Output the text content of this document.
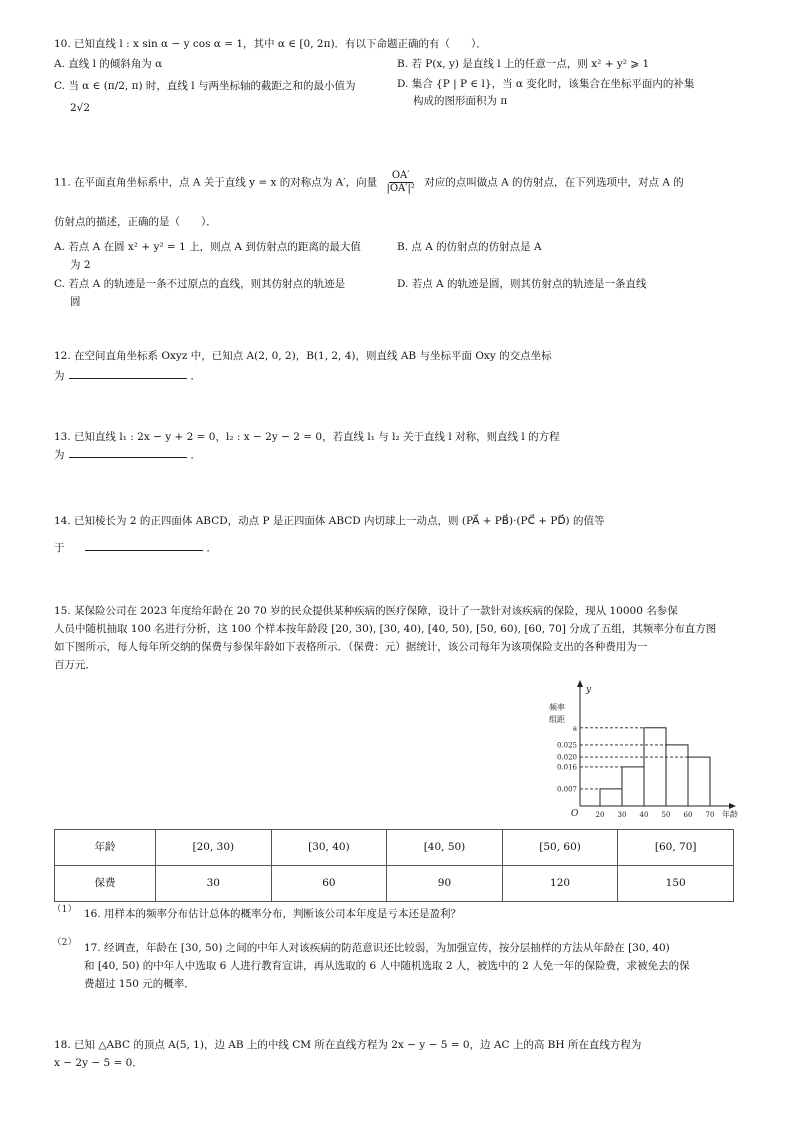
10. 已知直线 l : x sin α − y cos α = 1，其中 α ∈ [0, 2π)．有以下命题正确的有（　　）．
A. 直线 l 的倾斜角为 α	B. 若 P(x, y) 是直线 l 上的任意一点，则 x² + y² ⩾ 1
C. 当 α ∈ (π/2, π) 时，直线 l 与两坐标轴的截距之和的最小值为
2√2
D. 集合 {P | P ∈ l}，当 α 变化时，该集合在坐标平面内的补集
构成的图形面积为 π
11. 在平面直角坐标系中，点 A 关于直线 y = x 的对称点为 A′，向量 $\frac{OA'}{\text{|OA′|²}}$ 对应的点叫做点 A 的仿射点，在下列选项中，对点 A 的
仿射点的描述，正确的是（　　）．
A. 若点 A 在圆 x² + y² = 1 上，则点 A 到仿射点的距离的最大值
为 2
B. 点 A 的仿射点的仿射点是 A
C. 若点 A 的轨迹是一条不过原点的直线，则其仿射点的轨迹是
圆
D. 若点 A 的轨迹是圆，则其仿射点的轨迹是一条直线
12. 在空间直角坐标系 Oxyz 中，已知点 A(2, 0, 2)，B(1, 2, 4)，则直线 AB 与坐标平面 Oxy 的交点坐标
为	．
13. 已知直线 l₁ : 2x − y + 2 = 0，l₂ : x − 2y − 2 = 0，若直线 l₁ 与 l₂ 关于直线 l 对称，则直线 l 的方程
为	．
14. 已知棱长为 2 的正四面体 ABCD，动点 P 是正四面体 ABCD 内切球上一动点，则 (PA⃗ + PB⃗)·(PC⃗ + PD⃗) 的值等
于	．
15. 某保险公司在 2023 年度给年龄在 20 70 岁的民众提供某种疾病的医疗保障，设计了一款针对该疾病的保险，现从 10000 名参保
人员中随机抽取 100 名进行分析，这 100 个样本按年龄段 [20, 30), [30, 40), [40, 50), [50, 60), [60, 70] 分成了五组，其频率分布直方图
如下图所示，每人每年所交纳的保费与参保年龄如下表格所示．（保费：元）据统计，该公司每年为该项保险支出的各种费用为一
百万元．
a
0.025
0.020
0.016
0.007
20 30 40 50 60 70 年龄
O
y
频率
组距
年龄	[20, 30)	[30, 40)	[40, 50)	[50, 60)	[60, 70]
保费	30	60	90	120	150
（1） 16. 用样本的频率分布估计总体的概率分布，判断该公司本年度是亏本还是盈利？
（2） 17. 经调查，年龄在 [30, 50) 之间的中年人对该疾病的防范意识还比较弱，为加强宣传，按分层抽样的方法从年龄在 [30, 40)
和 [40, 50) 的中年人中选取 6 人进行教育宣讲，再从选取的 6 人中随机选取 2 人，被选中的 2 人免一年的保险费，求被免去的保
费超过 150 元的概率．
18. 已知 △ABC 的顶点 A(5, 1)，边 AB 上的中线 CM 所在直线方程为 2x − y − 5 = 0，边 AC 上的高 BH 所在直线方程为
x − 2y − 5 = 0．
